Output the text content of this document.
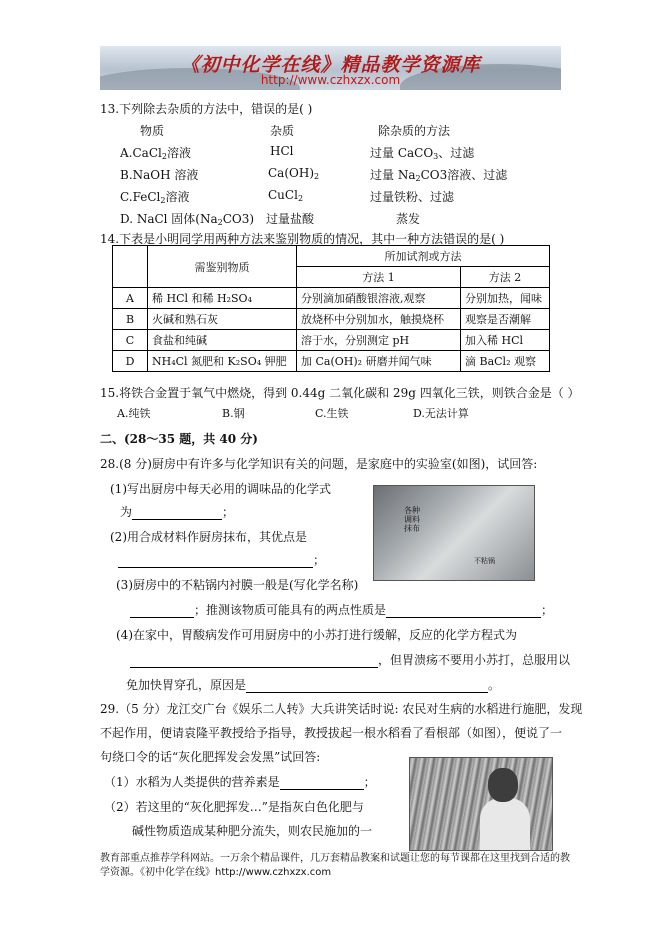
《初中化学在线》精品教学资源库
http://www.czhxzx.com
13.下列除去杂质的方法中，错误的是( )
物质	杂质	除杂质的方法
A.CaCl$_2$溶液	HCl	过量 CaCO$_3$、过滤
B.NaOH 溶液	$Ca(OH)_2$	过量 $Na_2CO3$溶液、过滤
C.FeCl$_2$溶液	CuCl$_2$	过量铁粉、过滤
D. NaCl 固体$(Na_2CO3)$ 过量盐酸	蒸发
14.下表是小明同学用两种方法来鉴别物质的情况，其中一种方法错误的是( )
	需鉴别物质	所加试剂或方法	
		方法 1	方法 2
A	稀 HCl 和稀 H₂SO₄	分别滴加硝酸银溶液,观察	分别加热，闻味
B	火碱和熟石灰	放烧杯中分别加水，触摸烧杯	观察是否潮解
C	食盐和纯碱	溶于水，分别测定 pH	加入稀 HCl
D	NH₄Cl 氮肥和 K₂SO₄ 钾肥	加 Ca(OH)₂ 研磨并闻气味	滴 BaCl₂ 观察
15.将铁合金置于氧气中燃烧，得到 0.44g 二氧化碳和 29g 四氧化三铁，则铁合金是（ ）
A.纯铁	B.钢	C.生铁	D.无法计算
二、(28～35 题，共 40 分)
28.(8 分)厨房中有许多与化学知识有关的问题，是家庭中的实验室(如图)，试回答:
(1)写出厨房中每天必用的调味品的化学式
为	；
(2)用合成材料作厨房抹布，其优点是
；
(3)厨房中的不粘锅内衬膜一般是(写化学名称)
；推测该物质可能具有的两点性质是	；
(4)在家中，胃酸病发作可用厨房中的小苏打进行缓解，反应的化学方程式为
，但胃溃疡不要用小苏打，总服用以
免加快胃穿孔，原因是	。
各种调料抹布
不粘锅
29.（5 分）龙江交广台《娱乐二人转》大兵讲笑话时说: 农民对生病的水稻进行施肥，发现
不起作用，便请袁隆平教授给予指导，教授拔起一根水稻看了看根部（如图），便说了一
句绕口令的话“灰化肥挥发会发黑”试回答:
（1）水稻为人类提供的营养素是	；
（2）若这里的“灰化肥挥发…”是指灰白色化肥与
碱性物质造成某种肥分流失，则农民施加的一
教育部重点推荐学科网站。一万余个精品课件，几万套精品教案和试题让您的每节课都在这里找到合适的教学资源。《初中化学在线》http://www.czhxzx.com
